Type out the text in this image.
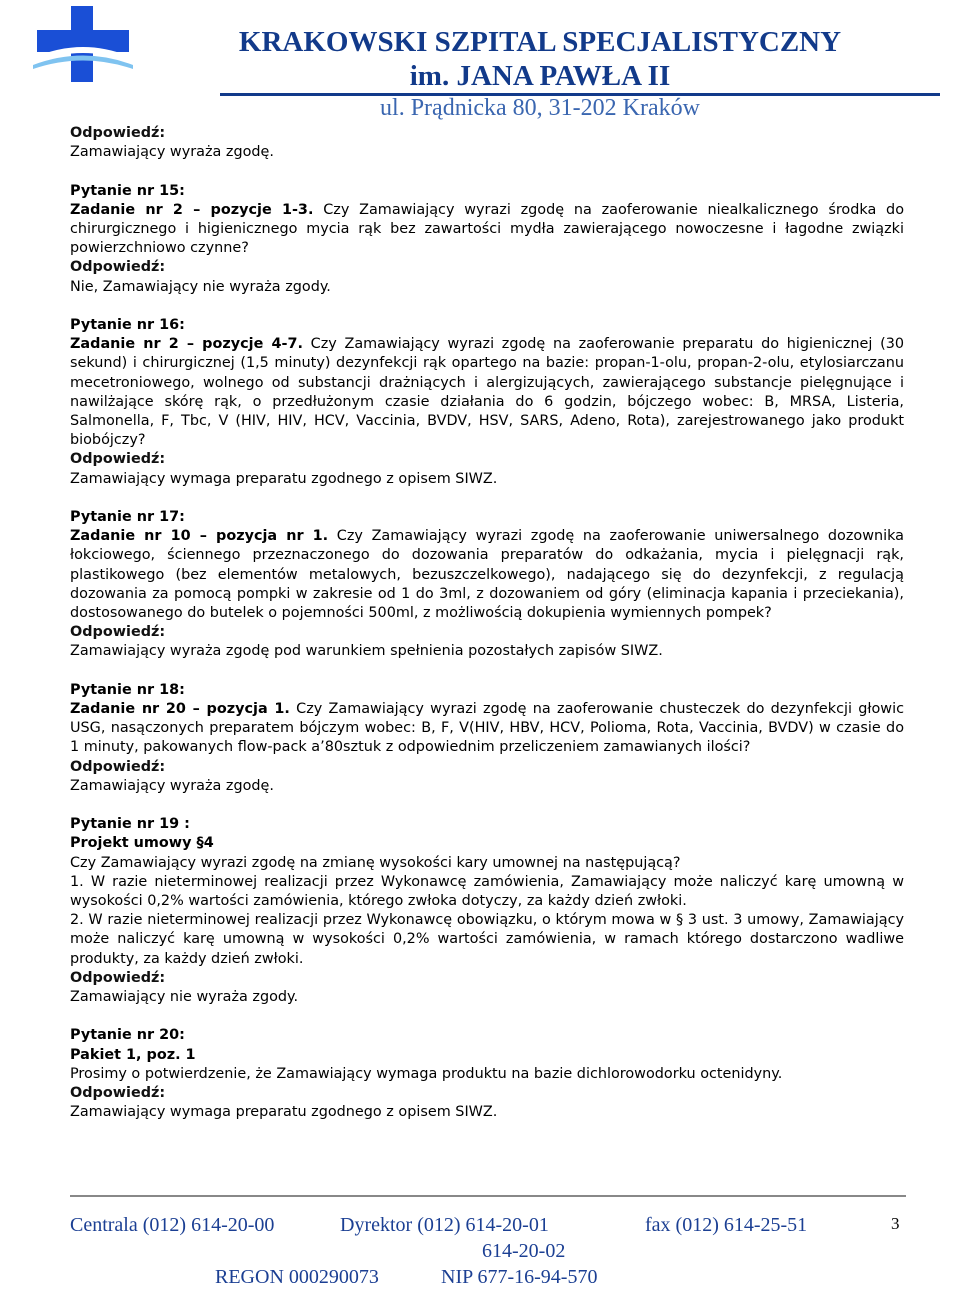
KRAKOWSKI SZPITAL SPECJALISTYCZNY
im. JANA PAWŁA II
ul. Prądnicka 80, 31-202 Kraków

Odpowiedź:

Zamawiający wyraża zgodę.

Pytanie nr 15:

Zadanie nr 2 – pozycje 1-3. Czy Zamawiający wyrazi zgodę na zaoferowanie niealkalicznego środka do chirurgicznego i higienicznego mycia rąk bez zawartości mydła zawierającego nowoczesne i łagodne związki powierzchniowo czynne?

Odpowiedź:

Nie, Zamawiający nie wyraża zgody.

Pytanie nr 16:

Zadanie nr 2 – pozycje 4-7. Czy Zamawiający wyrazi zgodę na zaoferowanie preparatu do higienicznej (30 sekund) i chirurgicznej (1,5 minuty) dezynfekcji rąk opartego na bazie: propan-1-olu, propan-2-olu, etylosiarczanu mecetroniowego, wolnego od substancji drażniących i alergizujących, zawierającego substancje pielęgnujące i nawilżające skórę rąk, o przedłużonym czasie działania do 6 godzin, bójczego wobec: B, MRSA, Listeria, Salmonella, F, Tbc, V (HIV, HIV, HCV, Vaccinia, BVDV, HSV, SARS, Adeno, Rota), zarejestrowanego jako produkt biobójczy?

Odpowiedź:

Zamawiający wymaga preparatu zgodnego z opisem SIWZ.

Pytanie nr 17:

Zadanie nr 10 – pozycja nr 1. Czy Zamawiający wyrazi zgodę na zaoferowanie uniwersalnego dozownika łokciowego, ściennego przeznaczonego do dozowania preparatów do odkażania, mycia i pielęgnacji rąk, plastikowego (bez elementów metalowych, bezuszczelkowego), nadającego się do dezynfekcji, z regulacją dozowania za pomocą pompki w zakresie od 1 do 3ml, z dozowaniem od góry (eliminacja kapania i przeciekania), dostosowanego do butelek o pojemności 500ml, z możliwością dokupienia wymiennych pompek?

Odpowiedź:

Zamawiający wyraża zgodę pod warunkiem spełnienia pozostałych zapisów SIWZ.

Pytanie nr 18:

Zadanie nr 20 – pozycja 1. Czy Zamawiający wyrazi zgodę na zaoferowanie chusteczek do dezynfekcji głowic USG, nasączonych preparatem bójczym wobec: B, F, V(HIV, HBV, HCV, Polioma, Rota, Vaccinia, BVDV) w czasie do 1 minuty, pakowanych flow-pack a’80sztuk z odpowiednim przeliczeniem zamawianych ilości?

Odpowiedź:

Zamawiający wyraża zgodę.

Pytanie nr 19 :

Projekt umowy §4

Czy Zamawiający wyrazi zgodę na zmianę wysokości kary umownej na następującą?

1. W razie nieterminowej realizacji przez Wykonawcę zamówienia, Zamawiający może naliczyć karę umowną w wysokości 0,2% wartości zamówienia, którego zwłoka dotyczy, za każdy dzień zwłoki.

2. W razie nieterminowej realizacji przez Wykonawcę obowiązku, o którym mowa w § 3 ust. 3 umowy, Zamawiający może naliczyć karę umowną w wysokości 0,2% wartości zamówienia, w ramach którego dostarczono wadliwe produkty, za każdy dzień zwłoki.

Odpowiedź:

Zamawiający nie wyraża zgody.

Pytanie nr 20:

Pakiet 1, poz. 1

Prosimy o potwierdzenie, że Zamawiający wymaga produktu na bazie dichlorowodorku octenidyny.

Odpowiedź:

Zamawiający wymaga preparatu zgodnego z opisem SIWZ.

Centrala (012) 614-20-00	Dyrektor (012) 614-20-01
614-20-02
fax (012) 614-25-51
REGON 000290073	NIP 677-16-94-570
3
